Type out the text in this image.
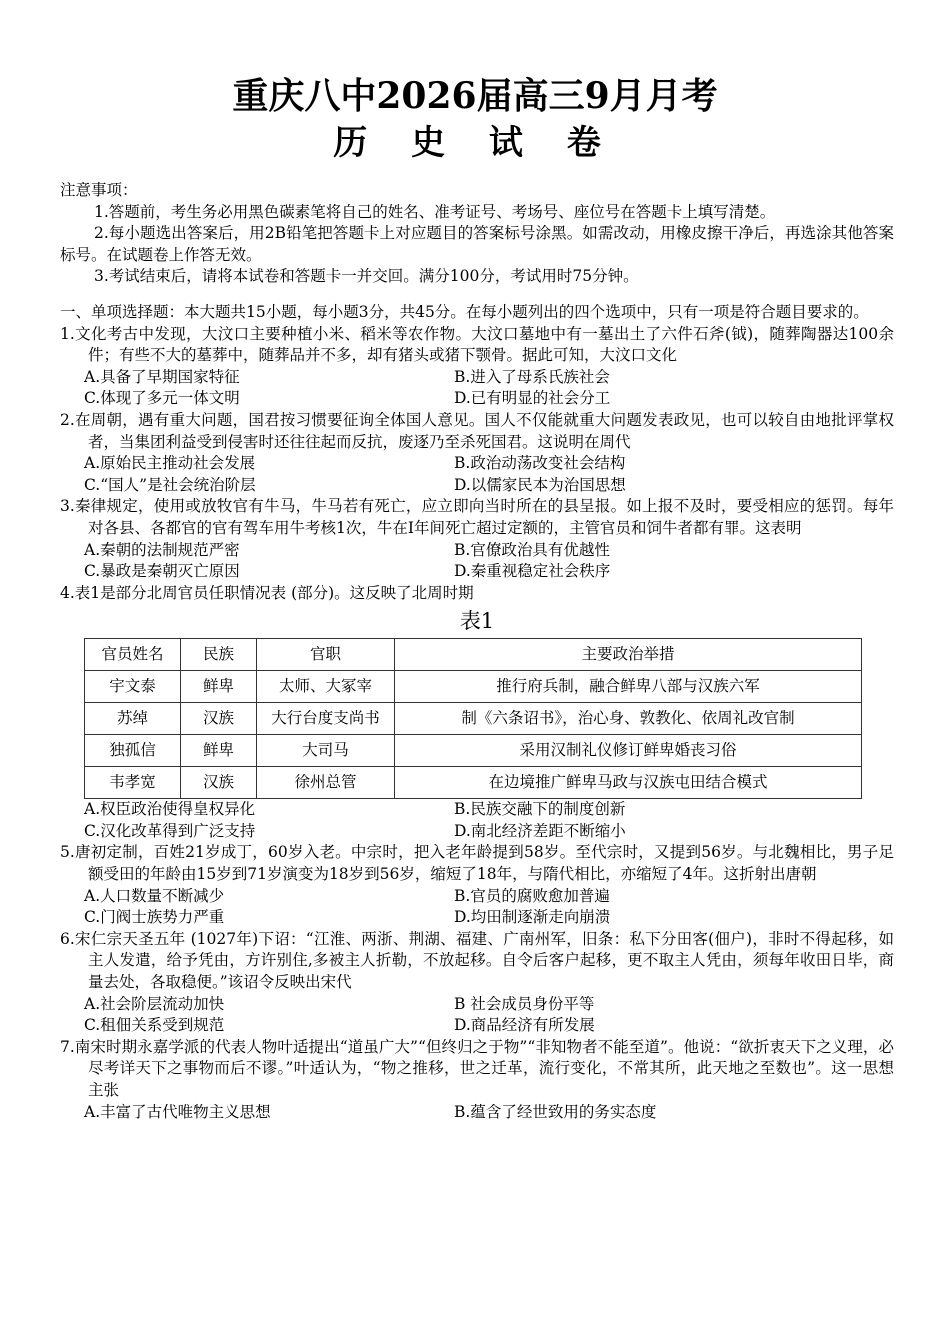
重庆八中2026届高三9月月考
历 史 试 卷

注意事项：

1.答题前，考生务必用黑色碳素笔将自己的姓名、准考证号、考场号、座位号在答题卡上填写清楚。

2.每小题选出答案后，用2B铅笔把答题卡上对应题目的答案标号涂黑。如需改动，用橡皮擦干净后，再选涂其他答案标号。在试题卷上作答无效。

3.考试结束后，请将本试卷和答题卡一并交回。满分100分，考试用时75分钟。

一、单项选择题：本大题共15小题，每小题3分，共45分。在每小题列出的四个选项中，只有一项是符合题目要求的。

1.文化考古中发现，大汶口主要种植小米、稻米等农作物。大汶口墓地中有一墓出土了六件石斧(钺)，随葬陶器达100余件；有些不大的墓葬中，随葬品并不多，却有猪头或猪下颚骨。据此可知，大汶口文化

A.具备了早期国家特征	B.进入了母系氏族社会
C.体现了多元一体文明	D.已有明显的社会分工

2.在周朝，遇有重大问题，国君按习惯要征询全体国人意见。国人不仅能就重大问题发表政见，也可以较自由地批评掌权者，当集团利益受到侵害时还往往起而反抗，废逐乃至杀死国君。这说明在周代

A.原始民主推动社会发展	B.政治动荡改变社会结构
C.“国人”是社会统治阶层	D.以儒家民本为治国思想

3.秦律规定，使用或放牧官有牛马，牛马若有死亡，应立即向当时所在的县呈报。如上报不及时，要受相应的惩罚。每年对各县、各都官的官有驾车用牛考核1次，牛在Ⅰ年间死亡超过定额的，主管官员和饲牛者都有罪。这表明

A.秦朝的法制规范严密	B.官僚政治具有优越性
C.暴政是秦朝灭亡原因	D.秦重视稳定社会秩序

4.表1是部分北周官员任职情况表 (部分)。这反映了北周时期

表1
官员姓名	民族	官职	主要政治举措
宇文泰	鲜卑	太师、大冢宰	推行府兵制，融合鲜卑八部与汉族六军
苏绰	汉族	大行台度支尚书	制《六条诏书》，治心身、敦教化、依周礼改官制
独孤信	鲜卑	大司马	采用汉制礼仪修订鲜卑婚丧习俗
韦孝宽	汉族	徐州总管	在边境推广鲜卑马政与汉族屯田结合模式
A.权臣政治使得皇权异化	B.民族交融下的制度创新
C.汉化改革得到广泛支持	D.南北经济差距不断缩小

5.唐初定制，百姓21岁成丁，60岁入老。中宗时，把入老年龄提到58岁。至代宗时，又提到56岁。与北魏相比，男子足额受田的年龄由15岁到71岁演变为18岁到56岁，缩短了18年，与隋代相比，亦缩短了4年。这折射出唐朝

A.人口数量不断减少	B.官员的腐败愈加普遍
C.门阀士族势力严重	D.均田制逐渐走向崩溃

6.宋仁宗天圣五年 (1027年)下诏：“江淮、两浙、荆湖、福建、广南州军，旧条：私下分田客(佃户)，非时不得起移，如主人发遣，给予凭由，方许别住,多被主人折勒，不放起移。自令后客户起移，更不取主人凭由，须每年收田日毕，商量去处，各取稳便。”该诏令反映出宋代

A.社会阶层流动加快	B 社会成员身份平等
C.租佃关系受到规范	D.商品经济有所发展

7.南宋时期永嘉学派的代表人物叶适提出“道虽广大”“但终归之于物”“非知物者不能至道”。他说：“欲折衷天下之义理，必尽考详天下之事物而后不谬。”叶适认为，“物之推移，世之迁革，流行变化，不常其所，此天地之至数也”。这一思想主张

A.丰富了古代唯物主义思想	B.蕴含了经世致用的务实态度
